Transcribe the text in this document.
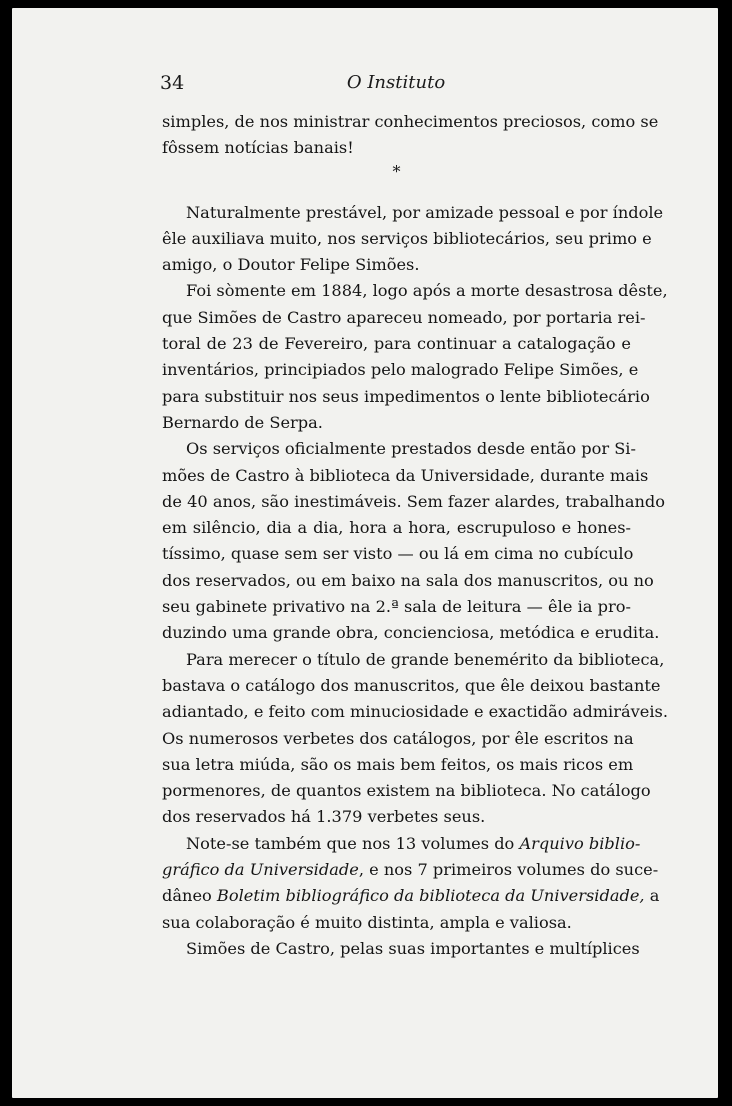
34	O Instituto
simples, de nos ministrar conhecimentos preciosos, como se
fôssem notícias banais!
*
Naturalmente prestável, por amizade pessoal e por índole
êle auxiliava muito, nos serviços bibliotecários, seu primo e
amigo, o Doutor Felipe Simões.
Foi sòmente em 1884, logo após a morte desastrosa dêste,
que Simões de Castro apareceu nomeado, por portaria rei-
toral de 23 de Fevereiro, para continuar a catalogação e
inventários, principiados pelo malogrado Felipe Simões, e
para substituir nos seus impedimentos o lente bibliotecário
Bernardo de Serpa.
Os serviços oficialmente prestados desde então por Si-
mões de Castro à biblioteca da Universidade, durante mais
de 40 anos, são inestimáveis. Sem fazer alardes, trabalhando
em silêncio, dia a dia, hora a hora, escrupuloso e hones-
tíssimo, quase sem ser visto — ou lá em cima no cubículo
dos reservados, ou em baixo na sala dos manuscritos, ou no
seu gabinete privativo na 2.ª sala de leitura — êle ia pro-
duzindo uma grande obra, concienciosa, metódica e erudita.
Para merecer o título de grande benemérito da biblioteca,
bastava o catálogo dos manuscritos, que êle deixou bastante
adiantado, e feito com minuciosidade e exactidão admiráveis.
Os numerosos verbetes dos catálogos, por êle escritos na
sua letra miúda, são os mais bem feitos, os mais ricos em
pormenores, de quantos existem na biblioteca. No catálogo
dos reservados há 1.379 verbetes seus.
Note-se também que nos 13 volumes do Arquivo biblio-
gráfico da Universidade, e nos 7 primeiros volumes do suce-
dâneo Boletim bibliográfico da biblioteca da Universidade, a
sua colaboração é muito distinta, ampla e valiosa.
Simões de Castro, pelas suas importantes e multíplices
